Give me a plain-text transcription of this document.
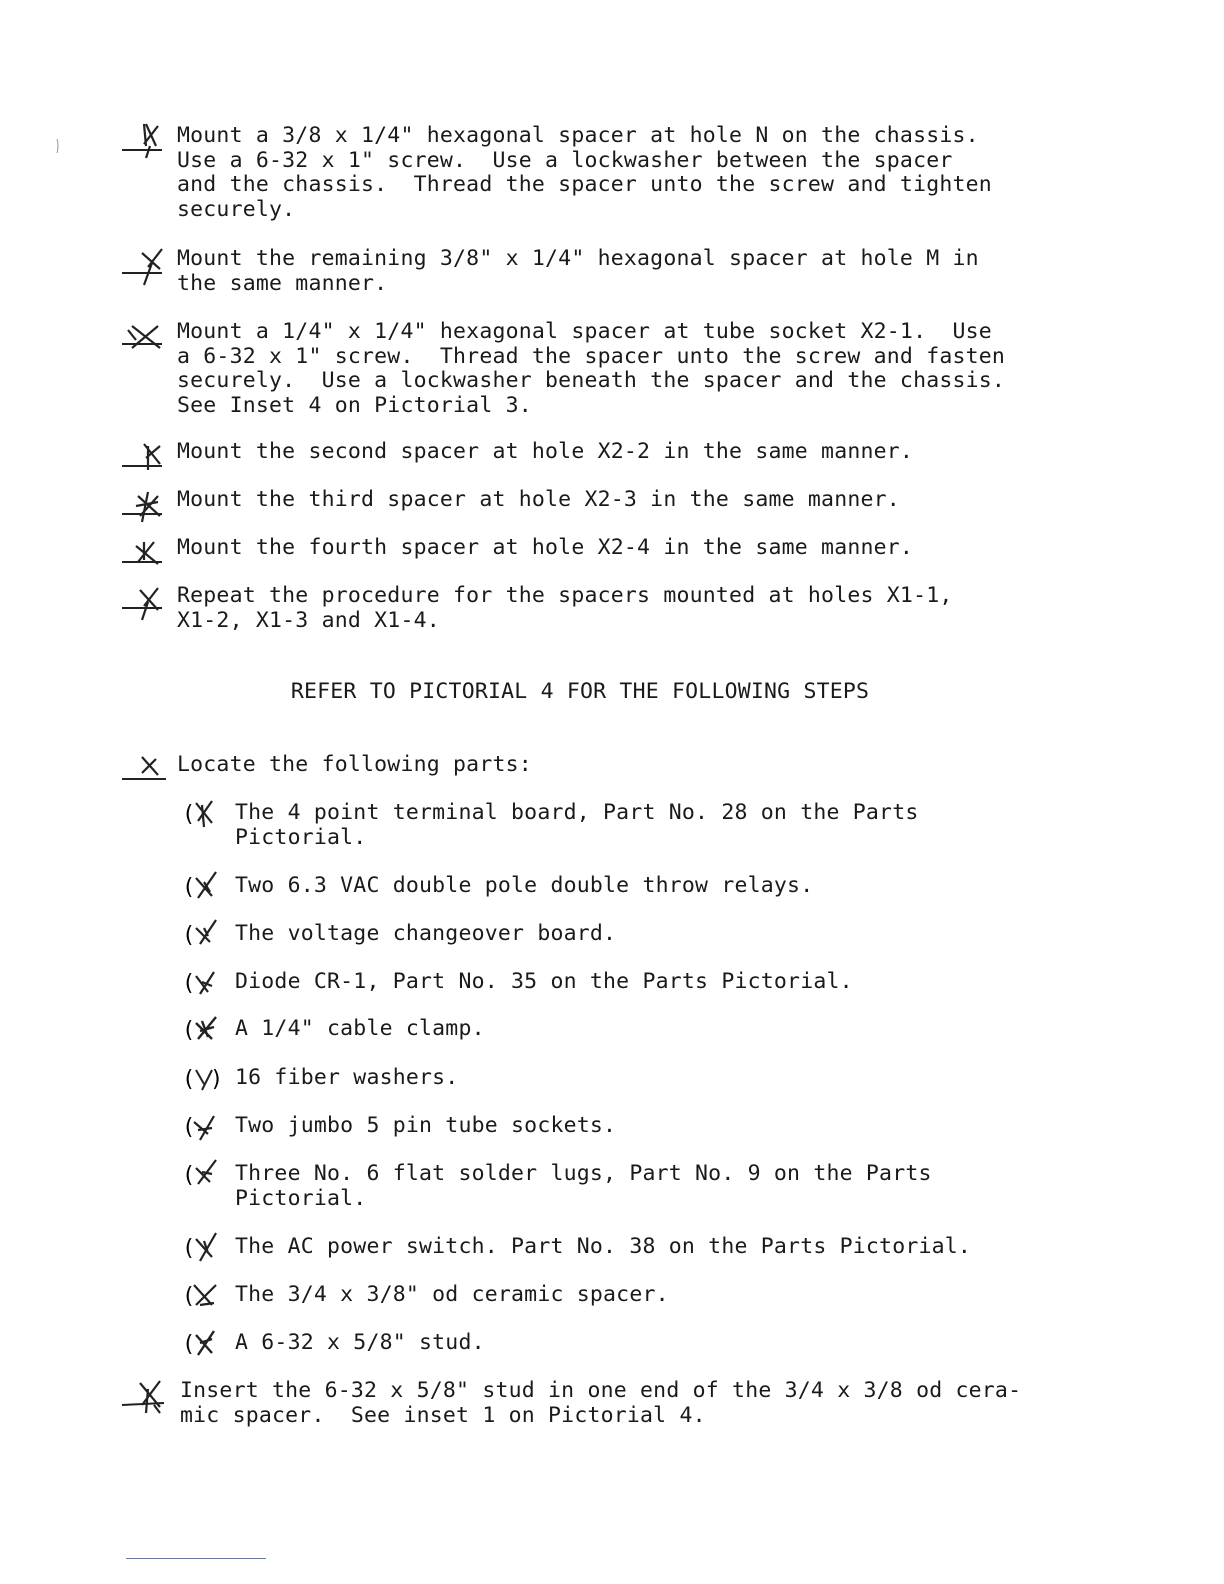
Mount a 3/8 x 1/4" hexagonal spacer at hole N on the chassis.
Use a 6-32 x 1" screw.  Use a lockwasher between the spacer
and the chassis.  Thread the spacer unto the screw and tighten
securely.
Mount the remaining 3/8" x 1/4" hexagonal spacer at hole M in
the same manner.
Mount a 1/4" x 1/4" hexagonal spacer at tube socket X2-1.  Use
a 6-32 x 1" screw.  Thread the spacer unto the screw and fasten
securely.  Use a lockwasher beneath the spacer and the chassis.
See Inset 4 on Pictorial 3.
Mount the second spacer at hole X2-2 in the same manner.
Mount the third spacer at hole X2-3 in the same manner.
Mount the fourth spacer at hole X2-4 in the same manner.
Repeat the procedure for the spacers mounted at holes X1-1,
X1-2, X1-3 and X1-4.
REFER TO PICTORIAL 4 FOR THE FOLLOWING STEPS
Locate the following parts:
( The 4 point terminal board, Part No. 28 on the Parts
Pictorial.
( Two 6.3 VAC double pole double throw relays.
( The voltage changeover board.
( Diode CR-1, Part No. 35 on the Parts Pictorial.
( A 1/4" cable clamp.
( ) 16 fiber washers.
( Two jumbo 5 pin tube sockets.
( Three No. 6 flat solder lugs, Part No. 9 on the Parts
Pictorial.
( The AC power switch. Part No. 38 on the Parts Pictorial.
( The 3/4 x 3/8" od ceramic spacer.
( A 6-32 x 5/8" stud.
Insert the 6-32 x 5/8" stud in one end of the 3/4 x 3/8 od cera-
mic spacer.  See inset 1 on Pictorial 4.
